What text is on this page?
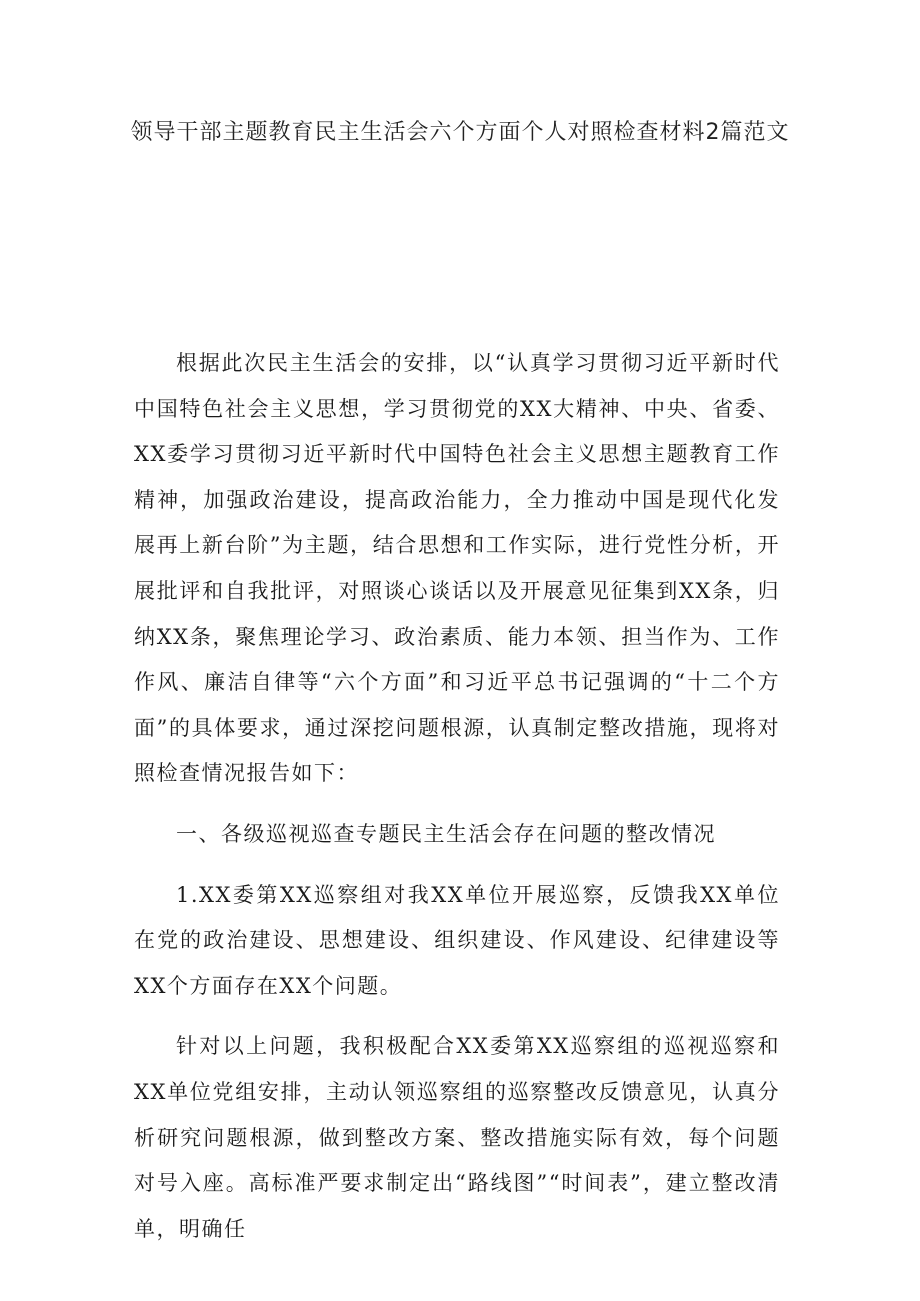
领导干部主题教育民主生活会六个方面个人对照检查材料2篇范文

根据此次民主生活会的安排，以“认真学习贯彻习近平新时代中国特色社会主义思想，学习贯彻党的XX大精神、中央、省委、XX委学习贯彻习近平新时代中国特色社会主义思想主题教育工作精神，加强政治建设，提高政治能力，全力推动中国是现代化发展再上新台阶”为主题，结合思想和工作实际，进行党性分析，开展批评和自我批评，对照谈心谈话以及开展意见征集到XX条，归纳XX条，聚焦理论学习、政治素质、能力本领、担当作为、工作作风、廉洁自律等“六个方面”和习近平总书记强调的“十二个方面”的具体要求，通过深挖问题根源，认真制定整改措施，现将对照检查情况报告如下：

一、各级巡视巡查专题民主生活会存在问题的整改情况

1.XX委第XX巡察组对我XX单位开展巡察，反馈我XX单位在党的政治建设、思想建设、组织建设、作风建设、纪律建设等XX个方面存在XX个问题。

针对以上问题，我积极配合XX委第XX巡察组的巡视巡察和XX单位党组安排，主动认领巡察组的巡察整改反馈意见，认真分析研究问题根源，做到整改方案、整改措施实际有效，每个问题对号入座。高标准严要求制定出“路线图”“时间表”，建立整改清单，明确任
